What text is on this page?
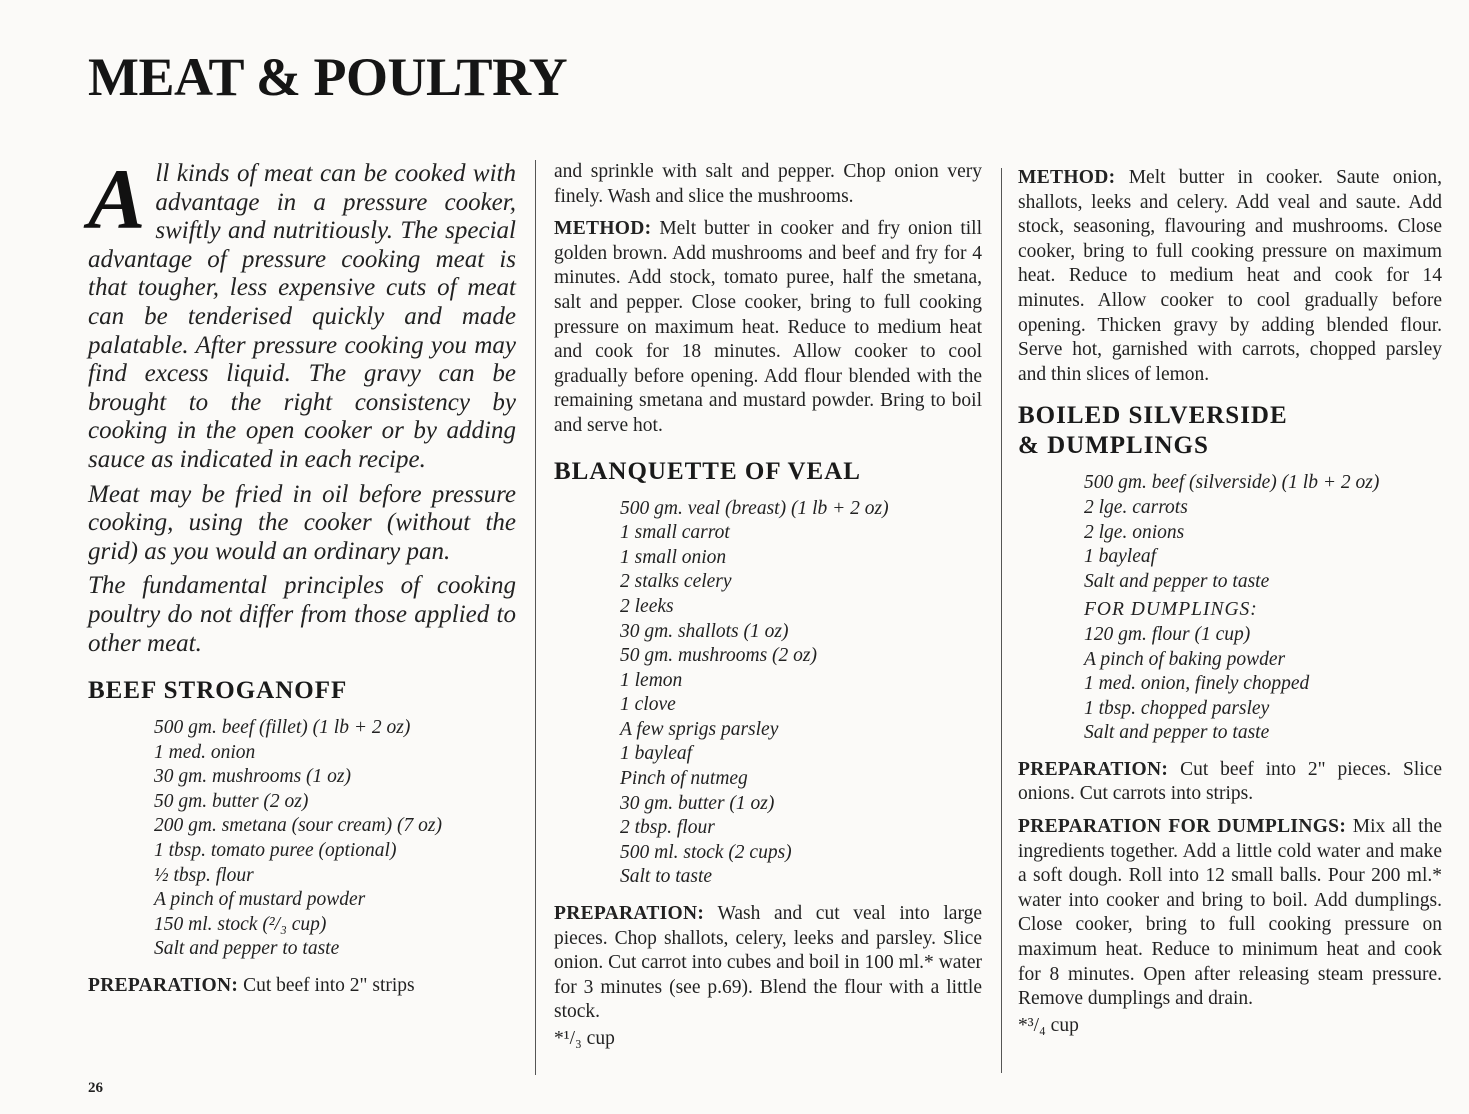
MEAT & POULTRY

All kinds of meat can be cooked with advantage in a pressure cooker, swiftly and nutritiously. The special advantage of pressure cooking meat is that tougher, less expensive cuts of meat can be tenderised quickly and made palatable. After pressure cooking you may find excess liquid. The gravy can be brought to the right consistency by cooking in the open cooker or by adding sauce as indicated in each recipe.

Meat may be fried in oil before pressure cooking, using the cooker (without the grid) as you would an ordinary pan.

The fundamental principles of cooking poultry do not differ from those applied to other meat.

BEEF STROGANOFF
500 gm. beef (fillet) (1 lb + 2 oz)
1 med. onion
30 gm. mushrooms (1 oz)
50 gm. butter (2 oz)
200 gm. smetana (sour cream) (7 oz)
1 tbsp. tomato puree (optional)
½ tbsp. flour
A pinch of mustard powder
150 ml. stock (²/₃ cup)
Salt and pepper to taste

PREPARATION: Cut beef into 2" strips

26

and sprinkle with salt and pepper. Chop onion very finely. Wash and slice the mushrooms.

METHOD: Melt butter in cooker and fry onion till golden brown. Add mushrooms and beef and fry for 4 minutes. Add stock, tomato puree, half the smetana, salt and pepper. Close cooker, bring to full cooking pressure on maximum heat. Reduce to medium heat and cook for 18 minutes. Allow cooker to cool gradually before opening. Add flour blended with the remaining smetana and mustard powder. Bring to boil and serve hot.

BLANQUETTE OF VEAL
500 gm. veal (breast) (1 lb + 2 oz)
1 small carrot
1 small onion
2 stalks celery
2 leeks
30 gm. shallots (1 oz)
50 gm. mushrooms (2 oz)
1 lemon
1 clove
A few sprigs parsley
1 bayleaf
Pinch of nutmeg
30 gm. butter (1 oz)
2 tbsp. flour
500 ml. stock (2 cups)
Salt to taste

PREPARATION: Wash and cut veal into large pieces. Chop shallots, celery, leeks and parsley. Slice onion. Cut carrot into cubes and boil in 100 ml.* water for 3 minutes (see p.69). Blend the flour with a little stock.

*¹/₃ cup

METHOD: Melt butter in cooker. Saute onion, shallots, leeks and celery. Add veal and saute. Add stock, seasoning, flavouring and mushrooms. Close cooker, bring to full cooking pressure on maximum heat. Reduce to medium heat and cook for 14 minutes. Allow cooker to cool gradually before opening. Thicken gravy by adding blended flour. Serve hot, garnished with carrots, chopped parsley and thin slices of lemon.

BOILED SILVERSIDE
& DUMPLINGS
500 gm. beef (silverside) (1 lb + 2 oz)
2 lge. carrots
2 lge. onions
1 bayleaf
Salt and pepper to taste
FOR DUMPLINGS:
120 gm. flour (1 cup)
A pinch of baking powder
1 med. onion, finely chopped
1 tbsp. chopped parsley
Salt and pepper to taste

PREPARATION: Cut beef into 2" pieces. Slice onions. Cut carrots into strips.

PREPARATION FOR DUMPLINGS: Mix all the ingredients together. Add a little cold water and make a soft dough. Roll into 12 small balls. Pour 200 ml.* water into cooker and bring to boil. Add dumplings. Close cooker, bring to full cooking pressure on maximum heat. Reduce to minimum heat and cook for 8 minutes. Open after releasing steam pressure. Remove dumplings and drain.

*³/₄ cup
